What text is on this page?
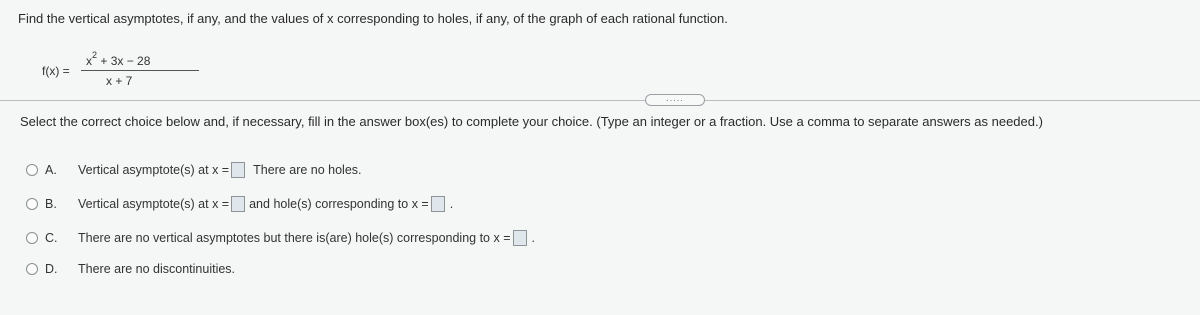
Find the vertical asymptotes, if any, and the values of x corresponding to holes, if any, of the graph of each rational function.
f(x) =
$x^2 + 3x - 28$
x + 7
.....
Select the correct choice below and, if necessary, fill in the answer box(es) to complete your choice. (Type an integer or a fraction. Use a comma to separate answers as needed.)
A.	Vertical asymptote(s) at x = There are no holes.
B.	Vertical asymptote(s) at x = and hole(s) corresponding to x = .
C.	There are no vertical asymptotes but there is(are) hole(s) corresponding to x = .
D.	There are no discontinuities.
